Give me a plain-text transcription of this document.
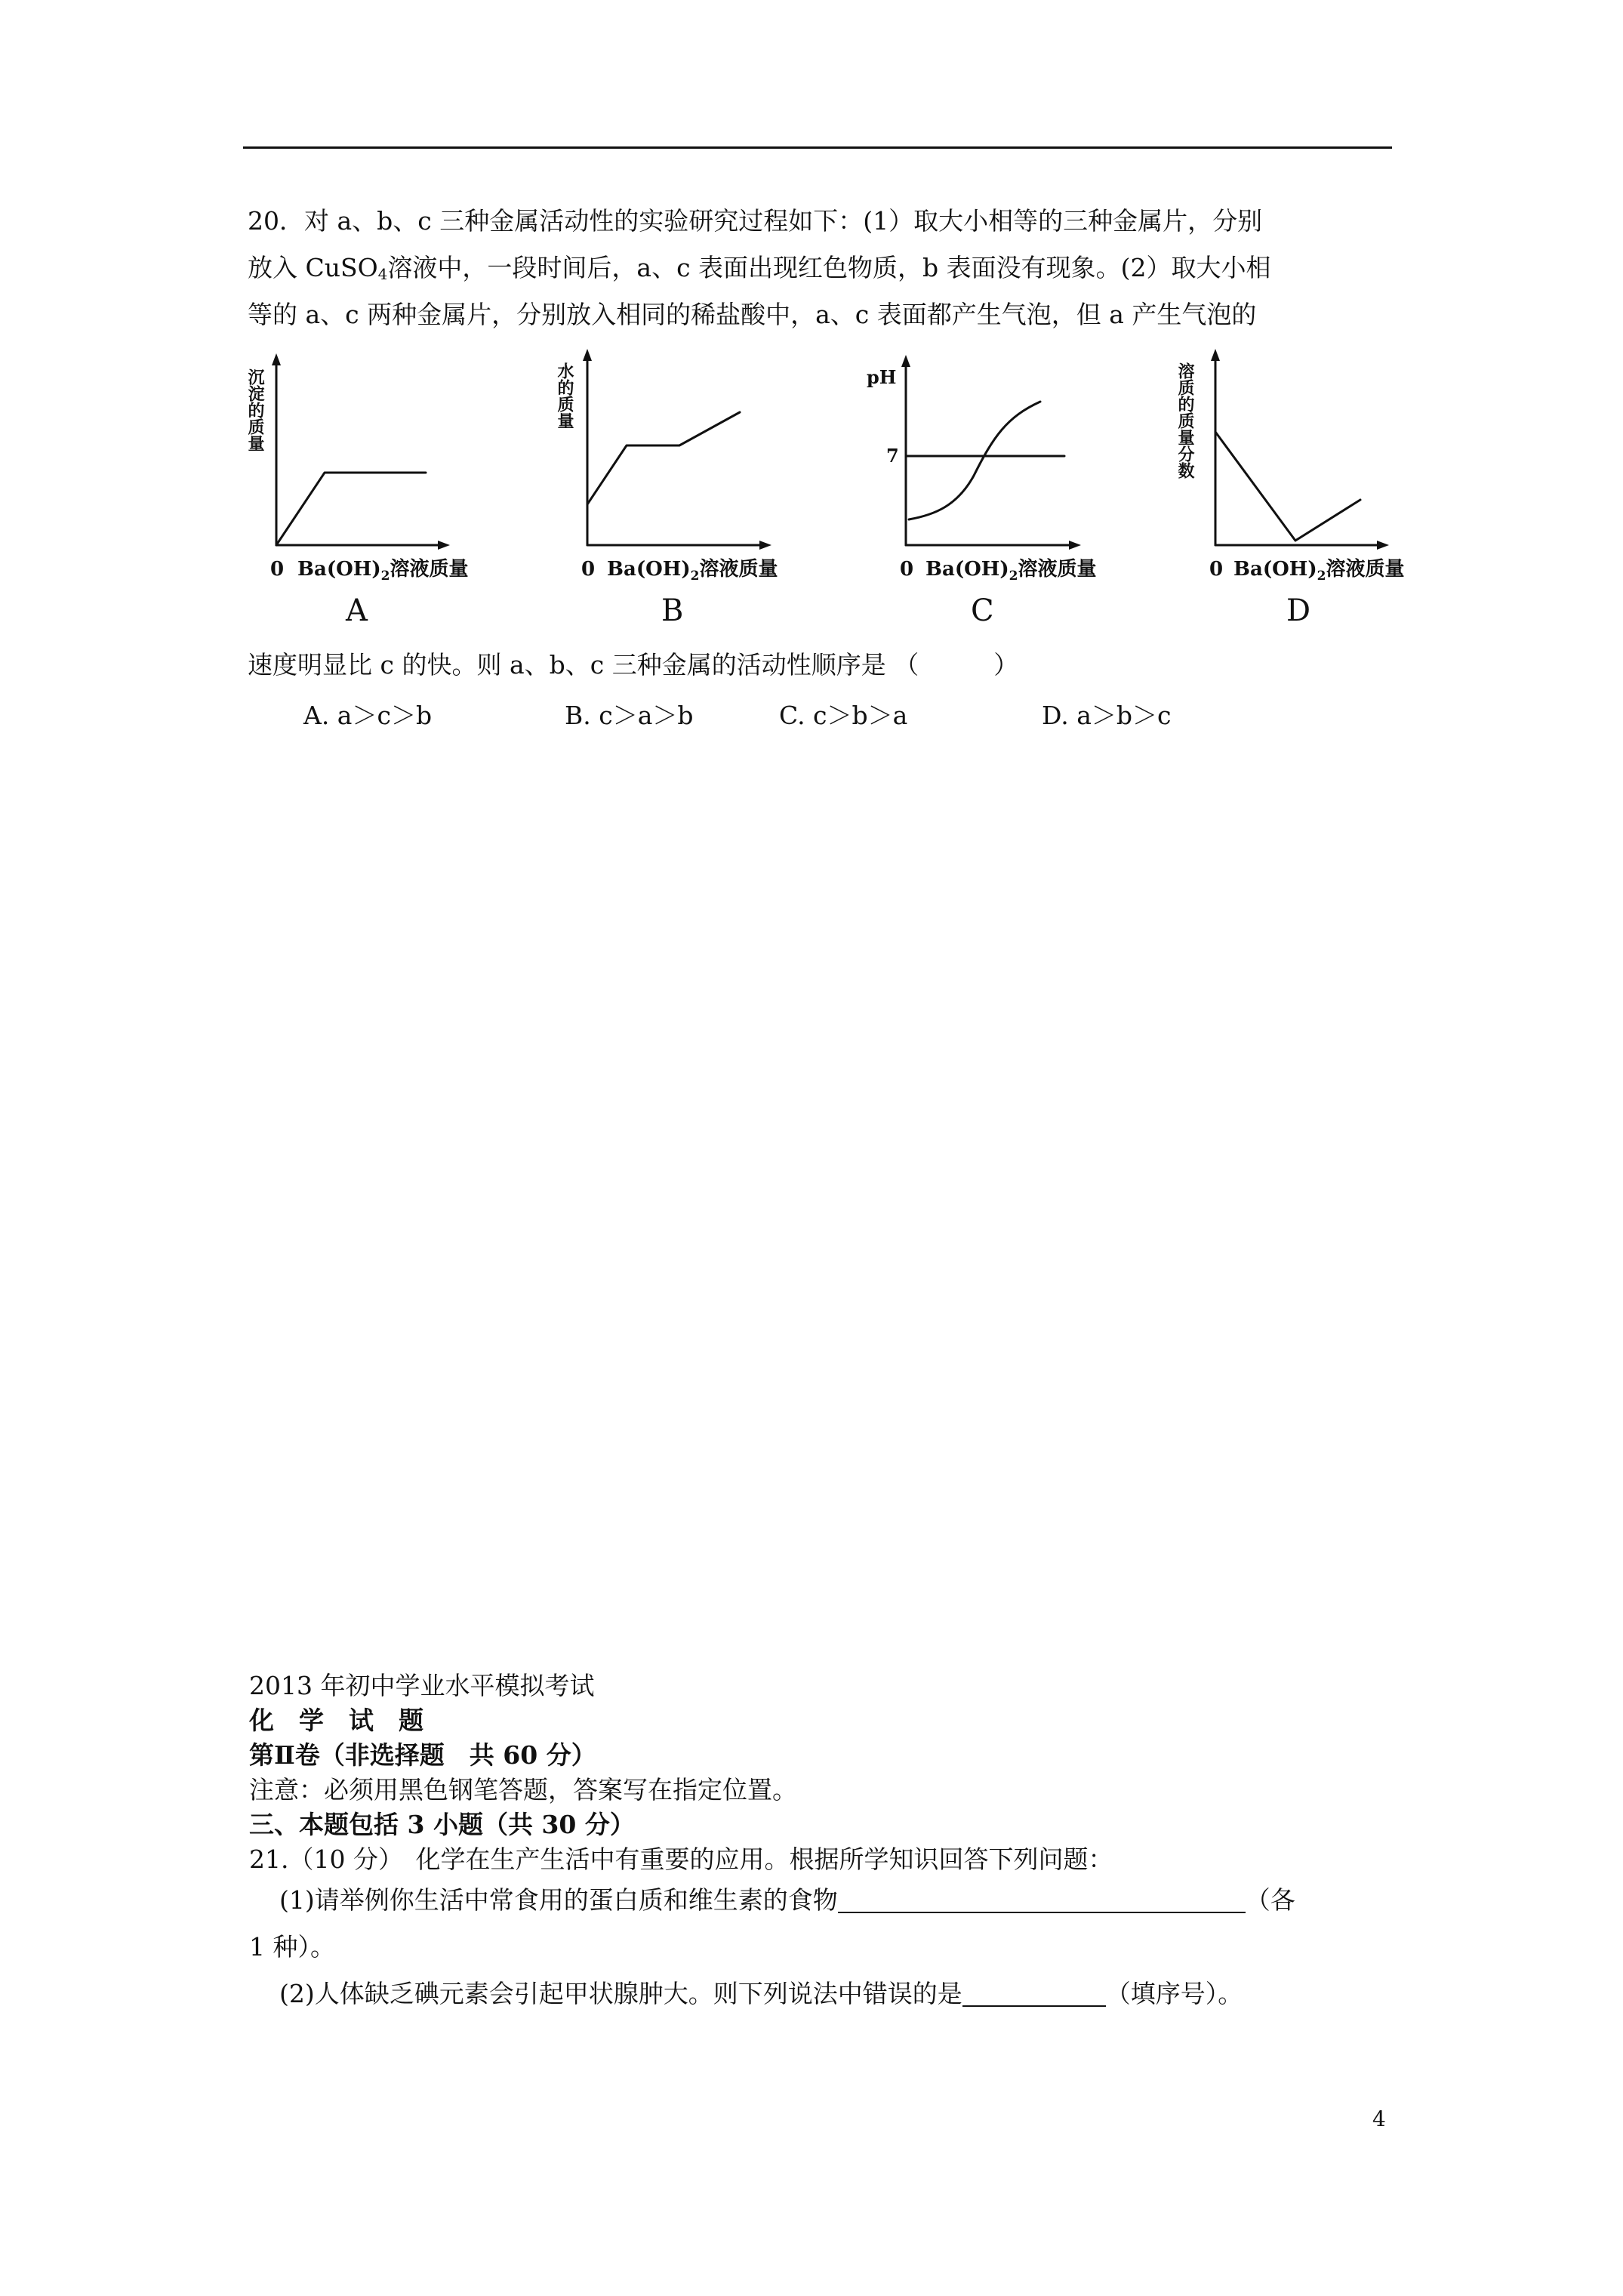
20．对 a、b、c 三种金属活动性的实验研究过程如下：(1）取大小相等的三种金属片，分别
放入 CuSO$_4$溶液中，一段时间后，a、c 表面出现红色物质，b 表面没有现象。(2）取大小相
等的 a、c 两种金属片，分别放入相同的稀盐酸中，a、c 表面都产生气泡，但 a 产生气泡的
沉淀的质量
0 $Ba(OH)_2$溶液质量
A
水的质量
0 $Ba(OH)_2$溶液质量
B
pH
7
0 $Ba(OH)_2$溶液质量
C
溶质的质量分数
0 $Ba(OH)_2$溶液质量
D
速度明显比 c 的快。则 a、b、c 三种金属的活动性顺序是 （　　　）
A. a＞c＞b	B. c＞a＞b	C. c＞b＞a	D. a＞b＞c
2013 年初中学业水平模拟考试
化　学　试　题
第Ⅱ卷（非选择题　共 60 分）
注意：必须用黑色钢笔答题，答案写在指定位置。
三、本题包括 3 小题（共 30 分）
21.（10 分）　化学在生产生活中有重要的应用。根据所学知识回答下列问题：
(1)请举例你生活中常食用的蛋白质和维生素的食物	（各
1 种）。
(2)人体缺乏碘元素会引起甲状腺肿大。则下列说法中错误的是	（填序号）。
4
